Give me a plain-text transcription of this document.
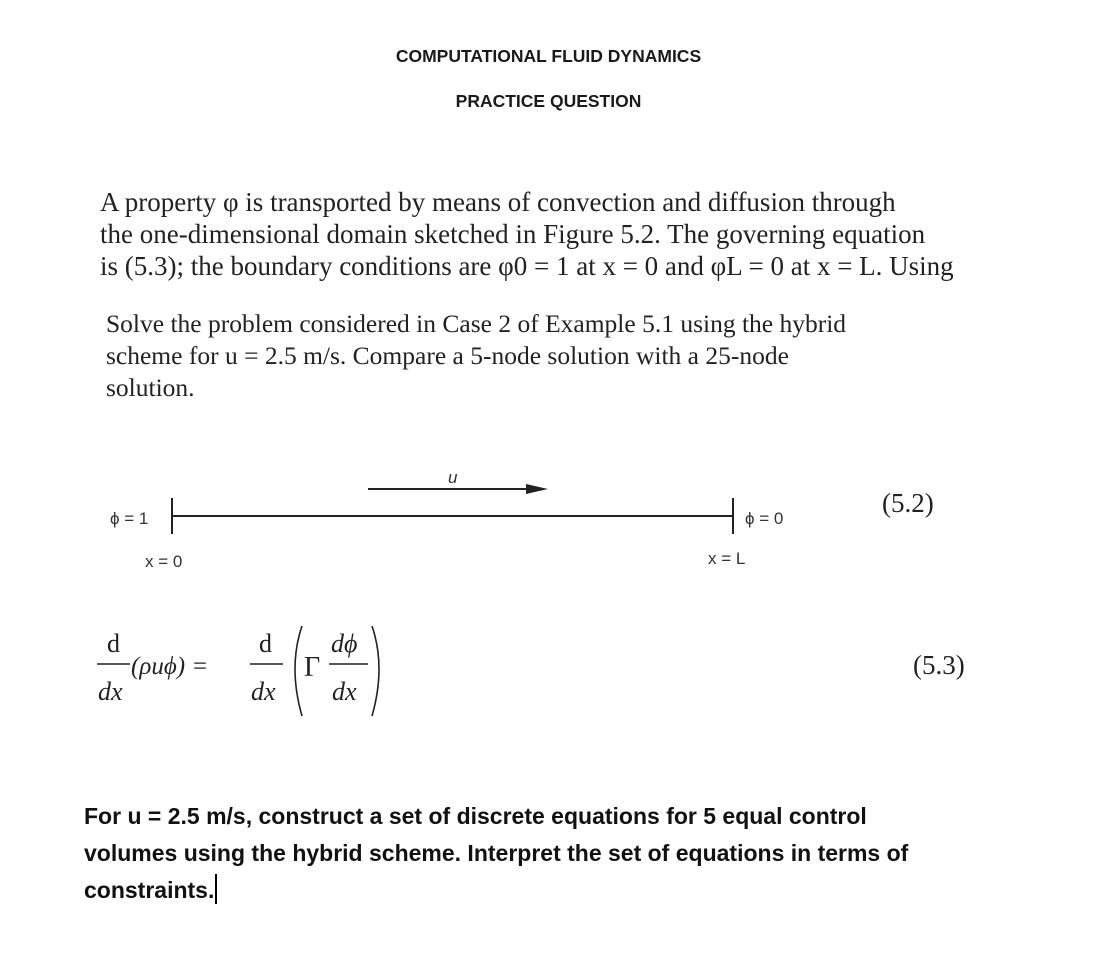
COMPUTATIONAL FLUID DYNAMICS
PRACTICE QUESTION
A property φ is transported by means of convection and diffusion through
the one-dimensional domain sketched in Figure 5.2. The governing equation
is (5.3); the boundary conditions are φ0 = 1 at x = 0 and φL = 0 at x = L. Using
Solve the problem considered in Case 2 of Example 5.1 using the hybrid
scheme for u = 2.5 m/s. Compare a 5-node solution with a 25-node
solution.
u
ϕ = 1	ϕ = 0
x = 0	x = L
(5.2)
d
dx
(ρuϕ) =
d
dx
Γ
dϕ
dx
(5.3)
For u = 2.5 m/s, construct a set of discrete equations for 5 equal control
volumes using the hybrid scheme. Interpret the set of equations in terms of
constraints.
